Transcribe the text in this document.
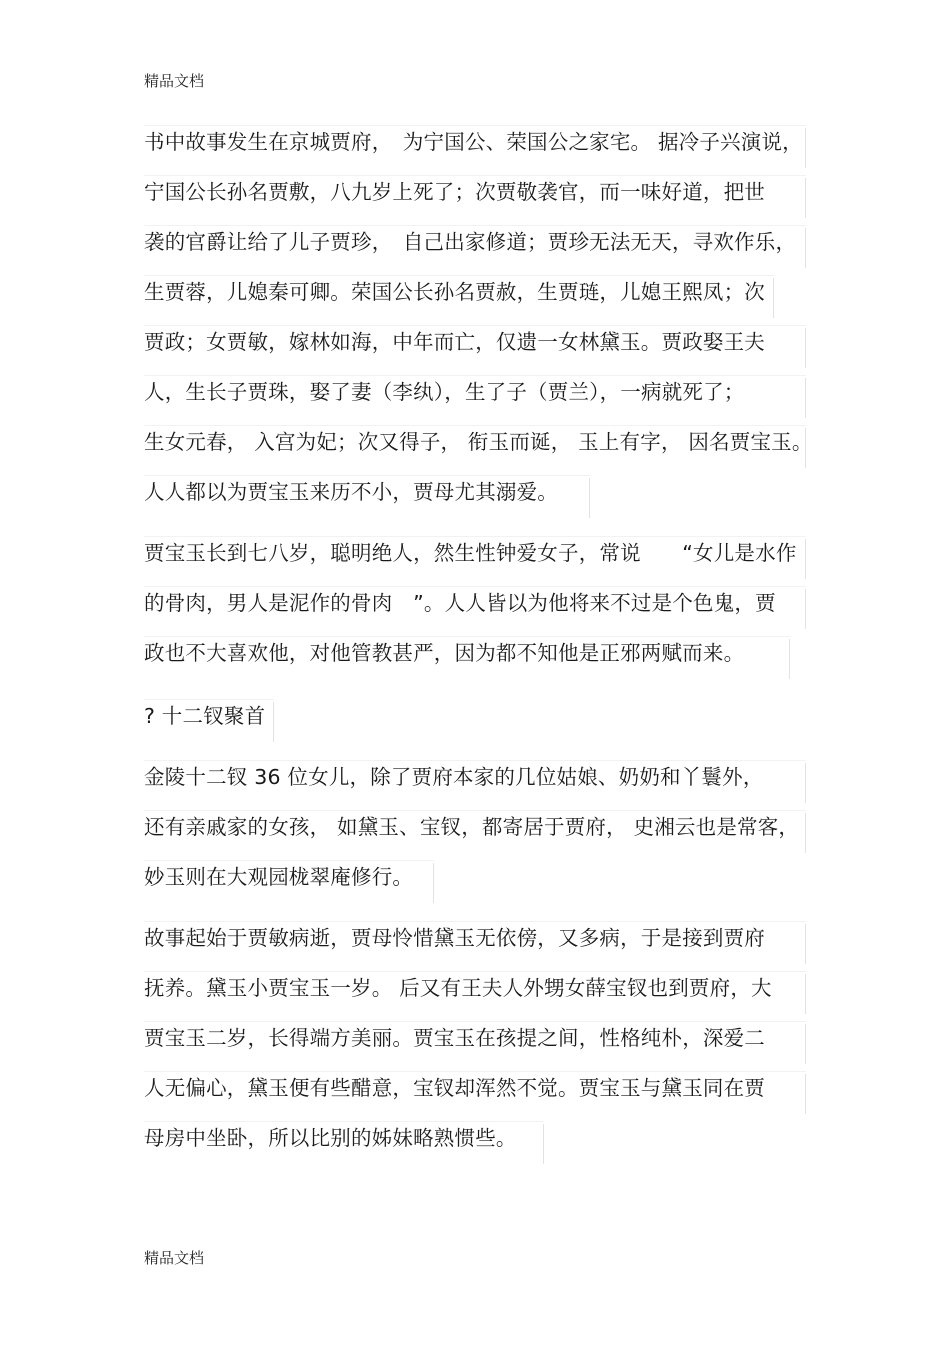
精品文档
书中故事发生在京城贾府，　为宁国公、荣国公之家宅。 据冷子兴演说，
宁国公长孙名贾敷，八九岁上死了；次贾敬袭官，而一味好道，把世
袭的官爵让给了儿子贾珍，　自己出家修道；贾珍无法无天，寻欢作乐，
生贾蓉，儿媳秦可卿。荣国公长孙名贾赦，生贾琏，儿媳王熙凤；次
贾政；女贾敏，嫁林如海，中年而亡，仅遗一女林黛玉。贾政娶王夫
人，生长子贾珠，娶了妻（李纨），生了子（贾兰），一病就死了；
生女元春， 入宫为妃；次又得子， 衔玉而诞， 玉上有字， 因名贾宝玉。
人人都以为贾宝玉来历不小，贾母尤其溺爱。
贾宝玉长到七八岁，聪明绝人，然生性钟爱女子，常说　　“女儿是水作
的骨肉，男人是泥作的骨肉　”。人人皆以为他将来不过是个色鬼，贾
政也不大喜欢他，对他管教甚严，因为都不知他是正邪两赋而来。
? 十二钗聚首
金陵十二钗 36 位女儿，除了贾府本家的几位姑娘、奶奶和丫鬟外，
还有亲戚家的女孩， 如黛玉、宝钗，都寄居于贾府， 史湘云也是常客，
妙玉则在大观园栊翠庵修行。
故事起始于贾敏病逝，贾母怜惜黛玉无依傍，又多病，于是接到贾府
抚养。黛玉小贾宝玉一岁。 后又有王夫人外甥女薛宝钗也到贾府，大
贾宝玉二岁，长得端方美丽。贾宝玉在孩提之间，性格纯朴，深爱二
人无偏心，黛玉便有些醋意，宝钗却浑然不觉。贾宝玉与黛玉同在贾
母房中坐卧，所以比别的姊妹略熟惯些。
精品文档
